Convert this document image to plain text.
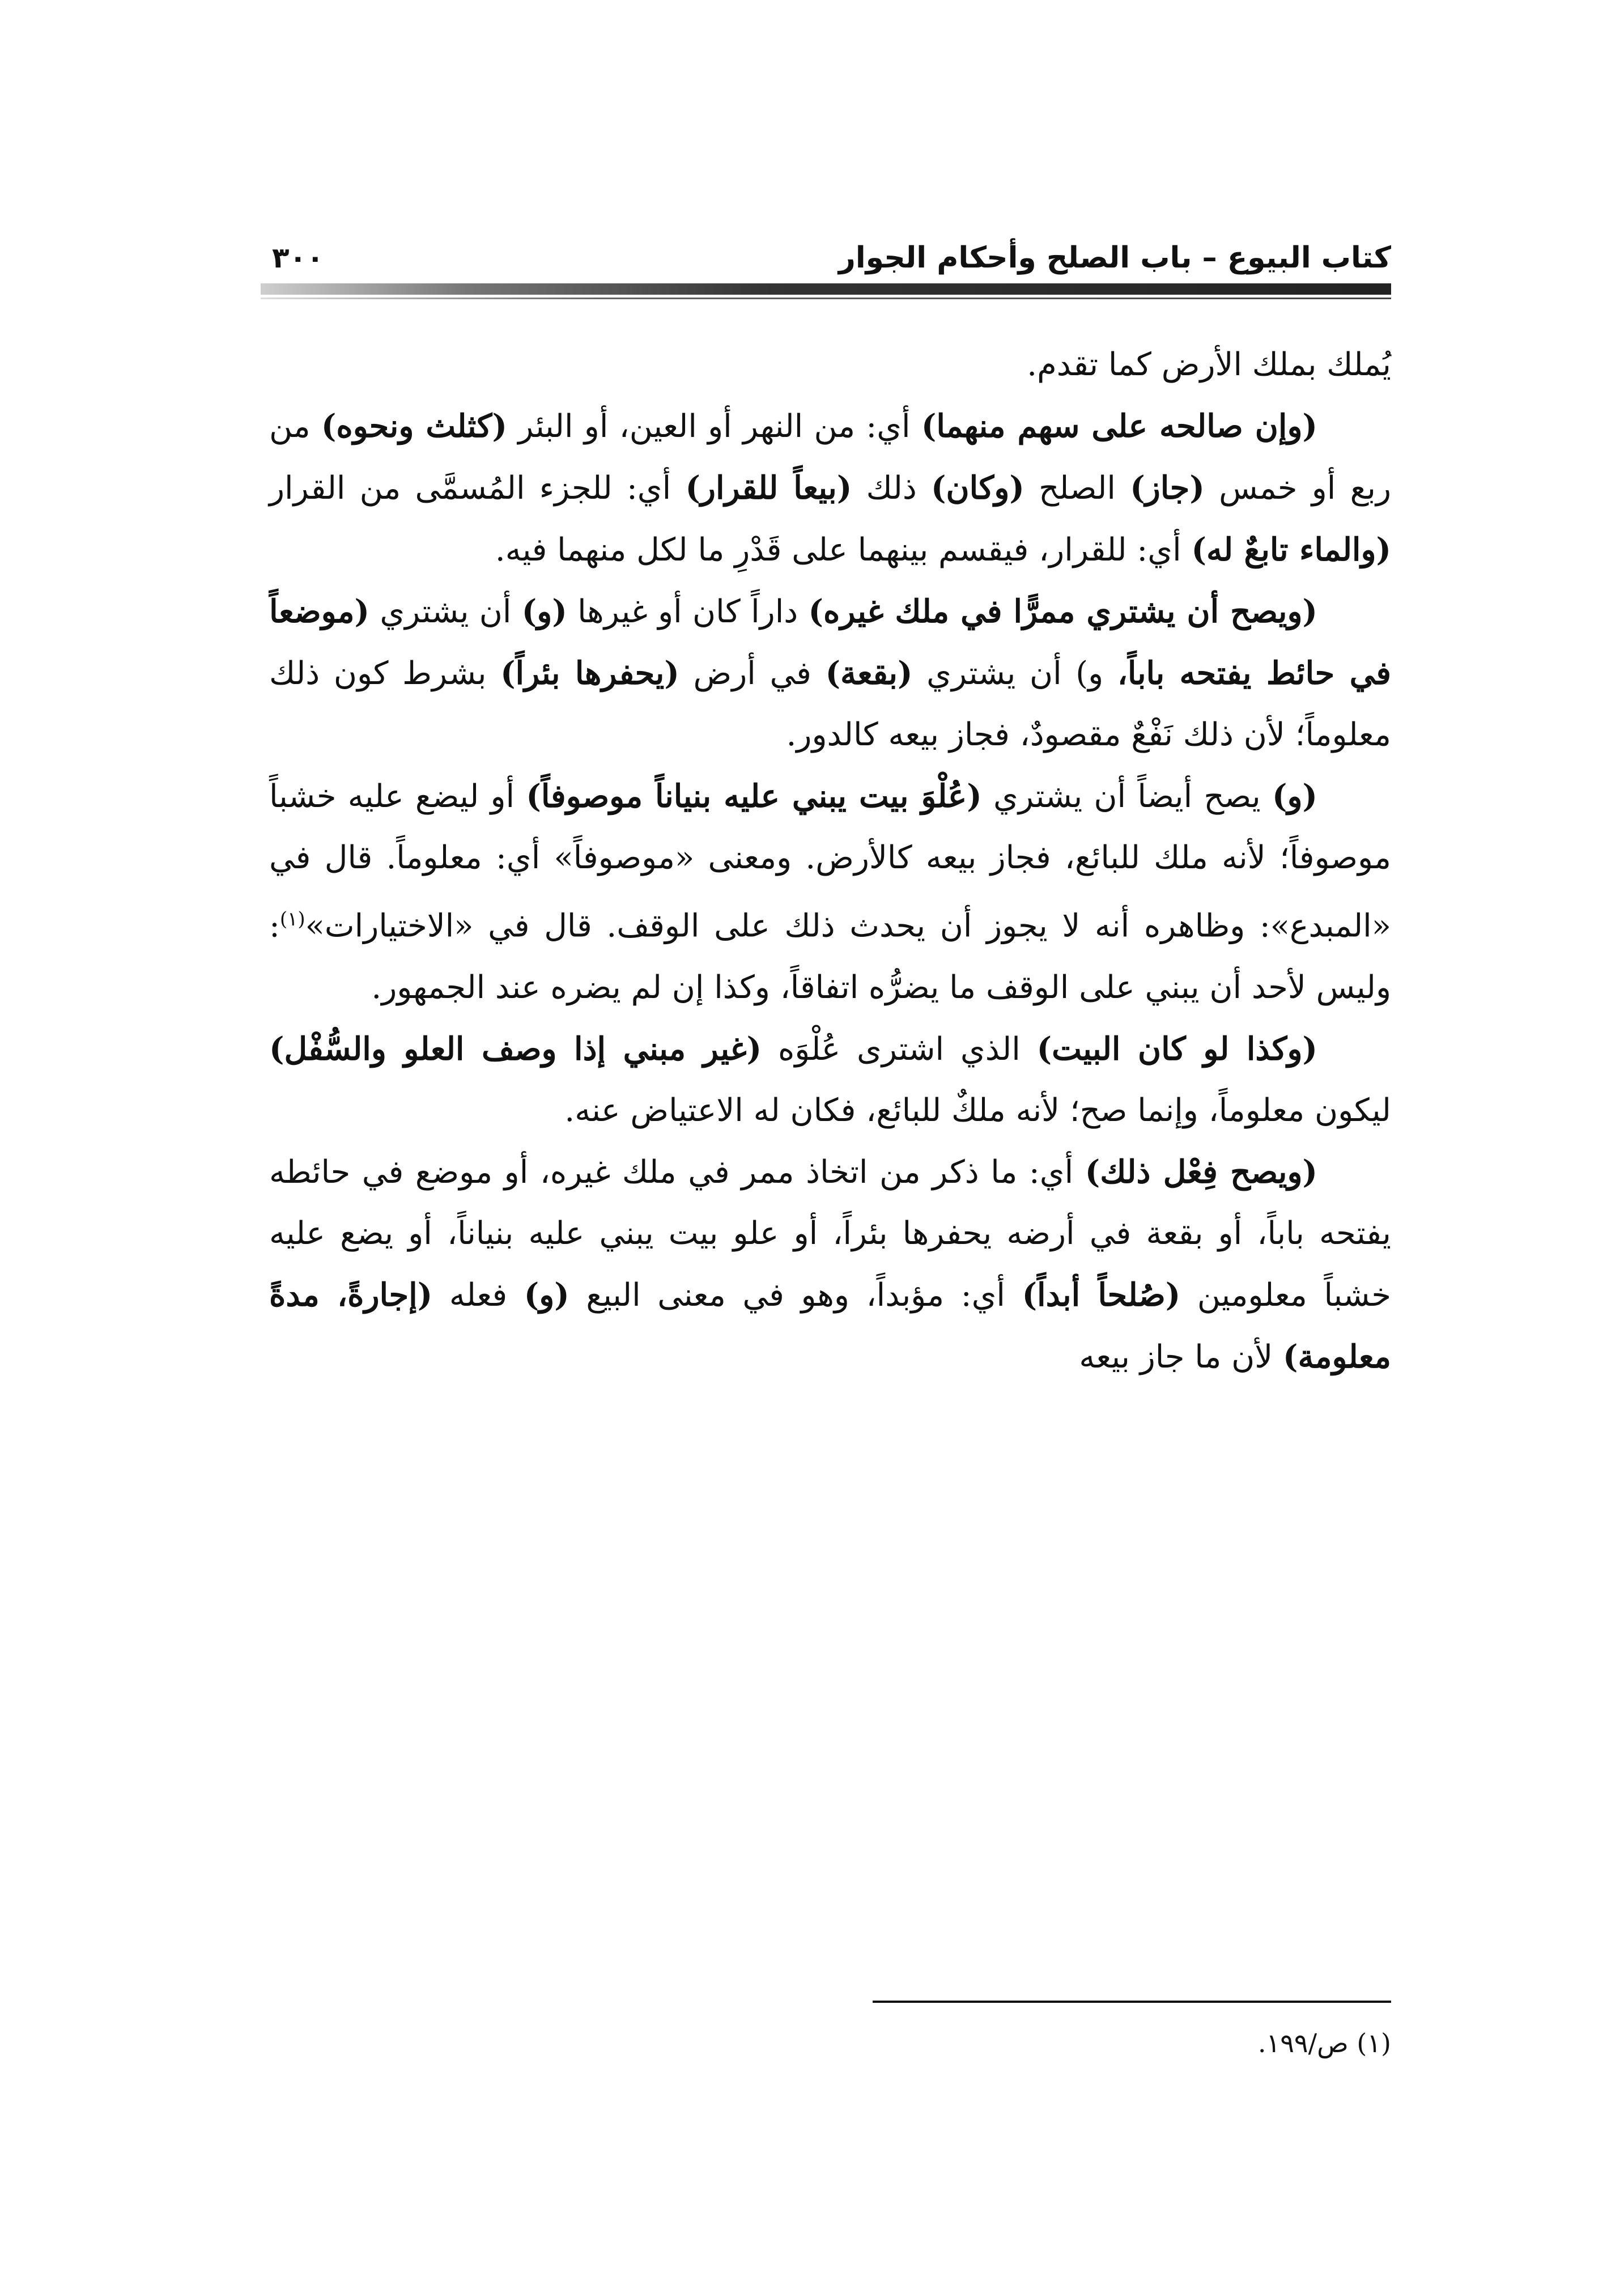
كتاب البيوع – باب الصلح وأحكام الجوار
٣٠٠

يُملك بملك الأرض كما تقدم.

(وإن صالحه على سهم منهما) أي: من النهر أو العين، أو البئر (كثلث ونحوه) من ربع أو خمس (جاز) الصلح (وكان) ذلك (بيعاً للقرار) أي: للجزء المُسمَّى من القرار (والماء تابعٌ له) أي: للقرار، فيقسم بينهما على قَدْرِ ما لكل منهما فيه.

(ويصح أن يشتري ممرًّا في ملك غيره) داراً كان أو غيرها (و) أن يشتري (موضعاً في حائط يفتحه باباً، و) أن يشتري (بقعة) في أرض (يحفرها بئراً) بشرط كون ذلك معلوماً؛ لأن ذلك نَفْعٌ مقصودٌ، فجاز بيعه كالدور.

(و) يصح أيضاً أن يشتري (عُلْوَ بيت يبني عليه بنياناً موصوفاً) أو ليضع عليه خشباً موصوفاً؛ لأنه ملك للبائع، فجاز بيعه كالأرض. ومعنى «موصوفاً» أي: معلوماً. قال في «المبدع»: وظاهره أنه لا يجوز أن يحدث ذلك على الوقف. قال في «الاختيارات»$^{(١)}$: وليس لأحد أن يبني على الوقف ما يضرُّه اتفاقاً، وكذا إن لم يضره عند الجمهور.

(وكذا لو كان البيت) الذي اشترى عُلْوَه (غير مبني إذا وصف العلو والسُّفْل) ليكون معلوماً، وإنما صح؛ لأنه ملكٌ للبائع، فكان له الاعتياض عنه.

(ويصح فِعْل ذلك) أي: ما ذكر من اتخاذ ممر في ملك غيره، أو موضع في حائطه يفتحه باباً، أو بقعة في أرضه يحفرها بئراً، أو علو بيت يبني عليه بنياناً، أو يضع عليه خشباً معلومين (صُلحاً أبداً) أي: مؤبداً، وهو في معنى البيع (و) فعله (إجارةً، مدةً معلومة) لأن ما جاز بيعه

(١) ص/١٩٩.
